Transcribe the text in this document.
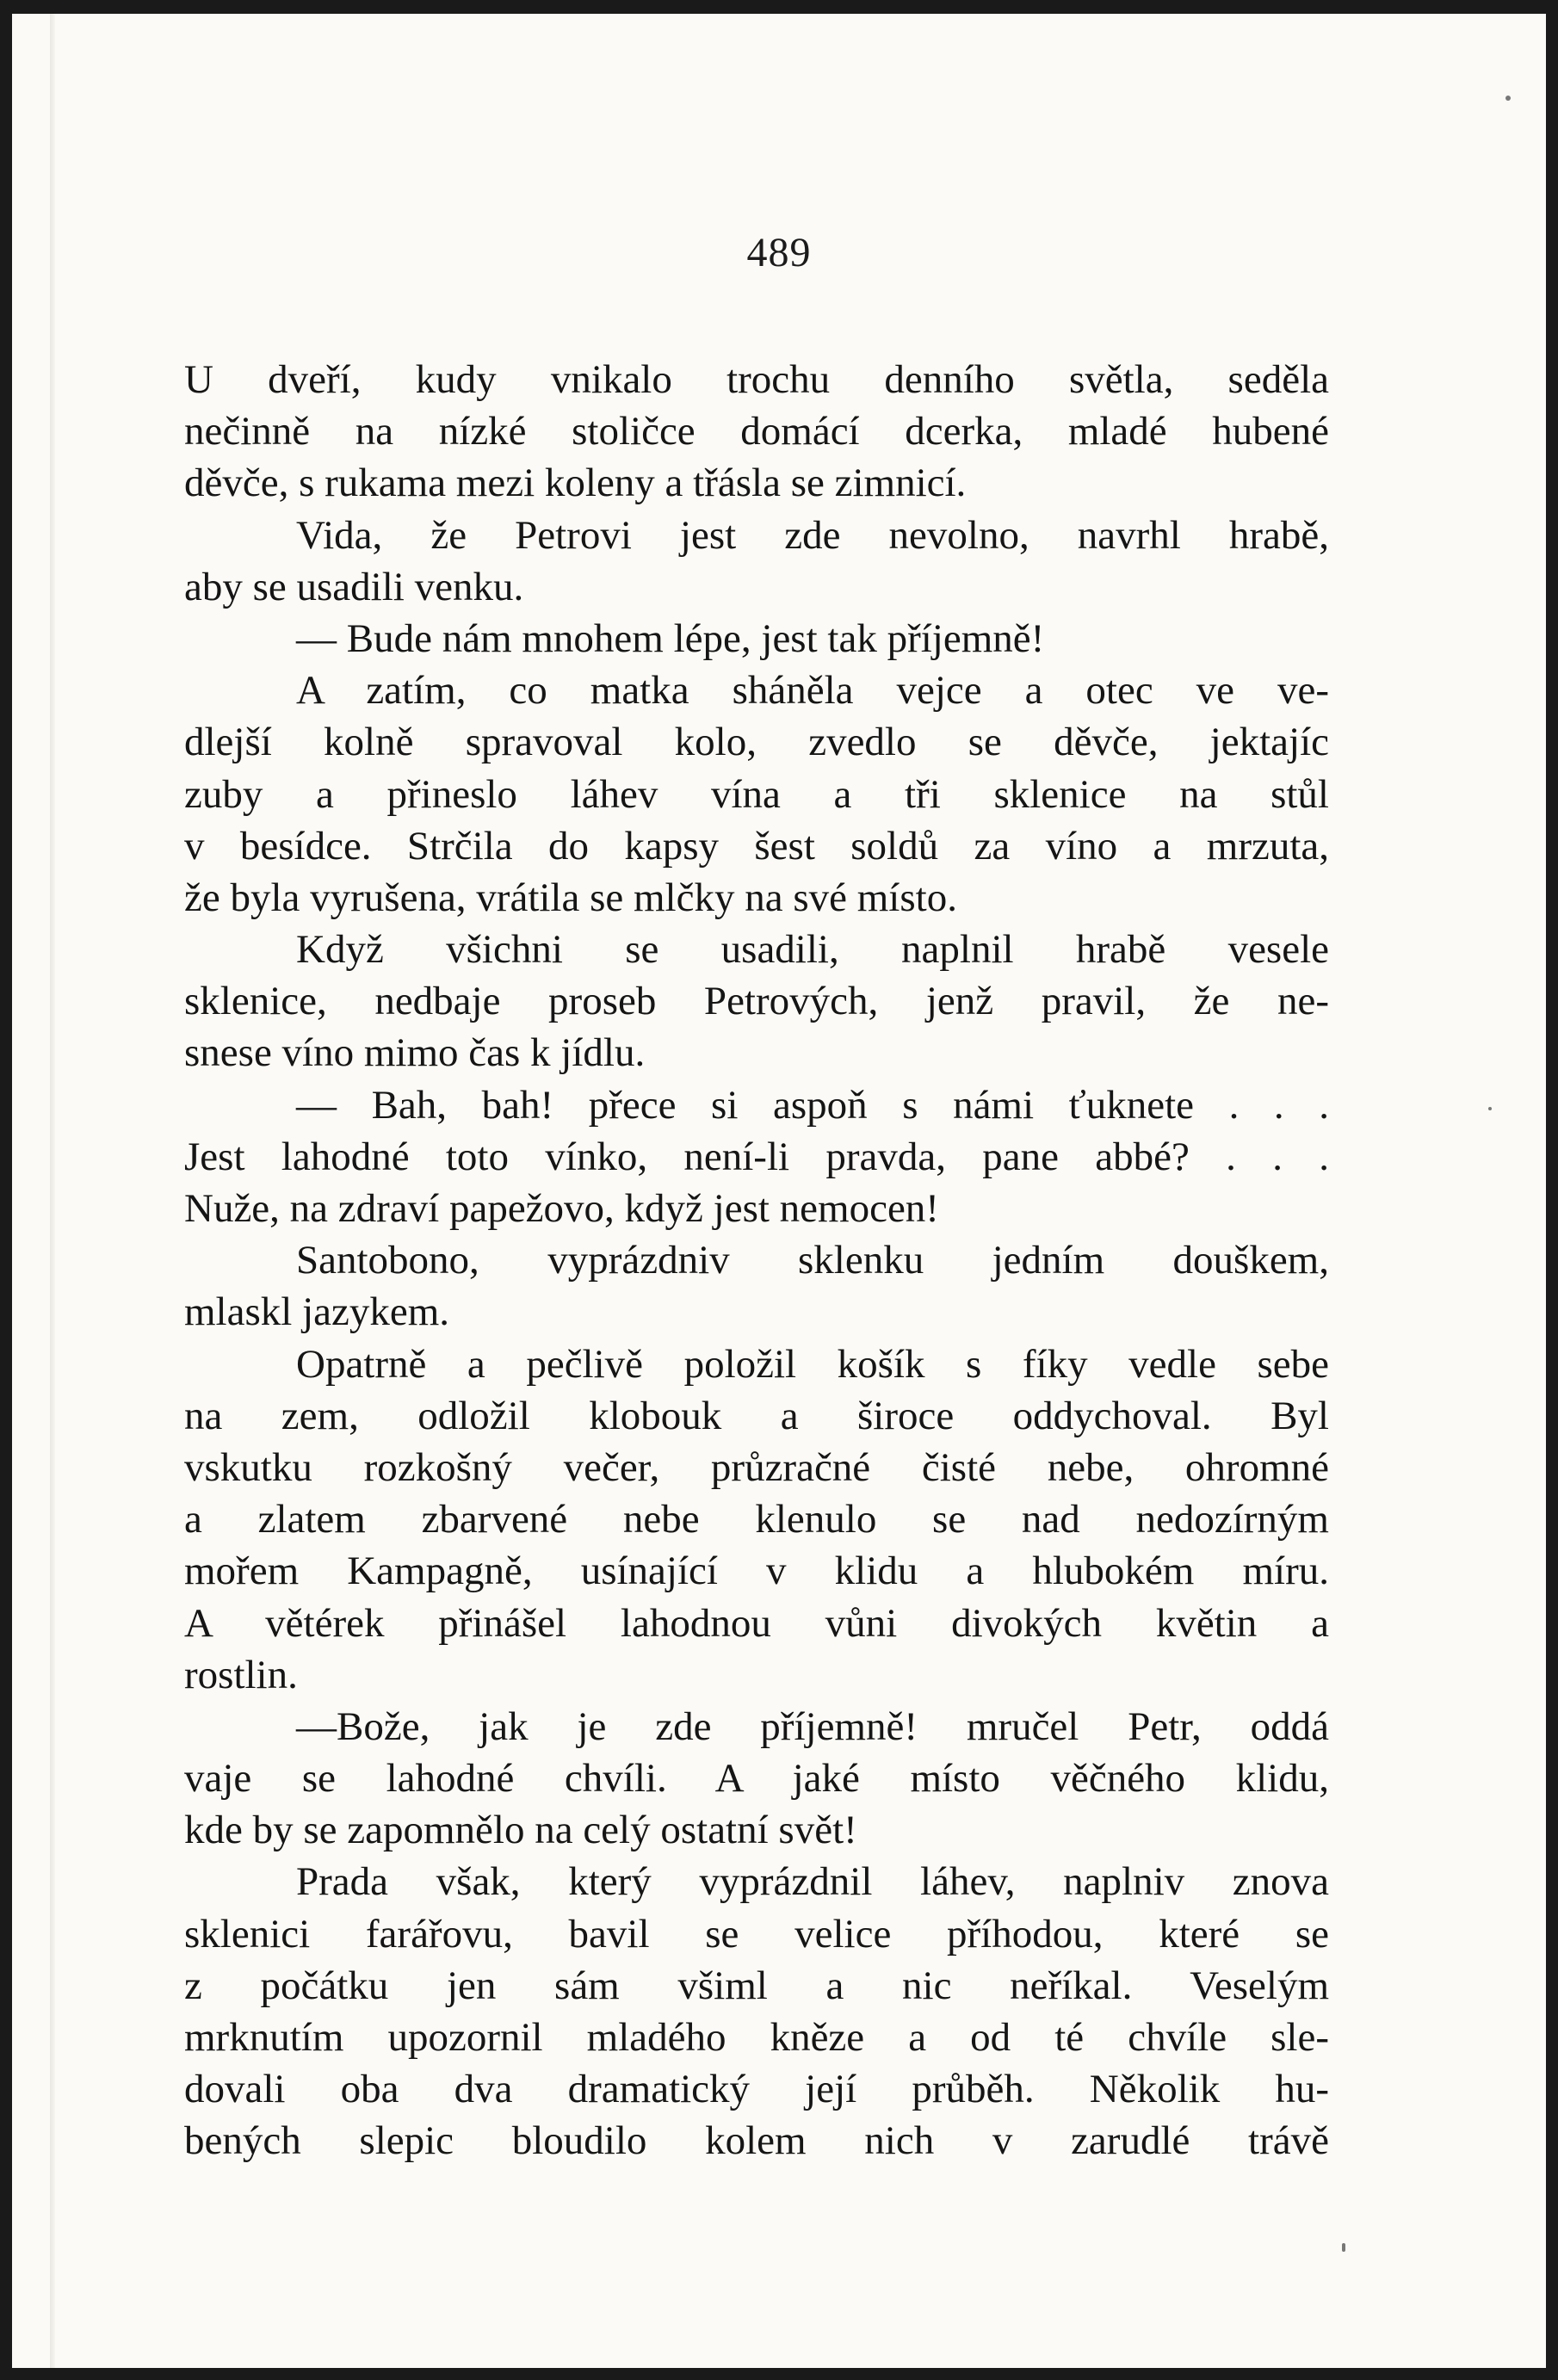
489
U dveří, kudy vnikalo trochu denního světla, seděla
nečinně na nízké stoličce domácí dcerka, mladé hubené
děvče, s rukama mezi koleny a třásla se zimnicí.
Vida, že Petrovi jest zde nevolno, navrhl hrabě,
aby se usadili venku.
— Bude nám mnohem lépe, jest tak příjemně!
A zatím, co matka sháněla vejce a otec ve ve-
dlejší kolně spravoval kolo, zvedlo se děvče, jektajíc
zuby a přineslo láhev vína a tři sklenice na stůl
v besídce. Strčila do kapsy šest soldů za víno a mrzuta,
že byla vyrušena, vrátila se mlčky na své místo.
Když všichni se usadili, naplnil hrabě vesele
sklenice, nedbaje proseb Petrových, jenž pravil, že ne-
snese víno mimo čas k jídlu.
— Bah, bah! přece si aspoň s námi ťuknete . . .
Jest lahodné toto vínko, není-li pravda, pane abbé? . . .
Nuže, na zdraví papežovo, když jest nemocen!
Santobono, vyprázdniv sklenku jedním douškem,
mlaskl jazykem.
Opatrně a pečlivě položil košík s fíky vedle sebe
na zem, odložil klobouk a široce oddychoval. Byl
vskutku rozkošný večer, průzračné čisté nebe, ohromné
a zlatem zbarvené nebe klenulo se nad nedozírným
mořem Kampagně, usínající v klidu a hlubokém míru.
A větérek přinášel lahodnou vůni divokých květin a
rostlin.
—Bože, jak je zde příjemně! mručel Petr, oddá
vaje se lahodné chvíli. A jaké místo věčného klidu,
kde by se zapomnělo na celý ostatní svět!
Prada však, který vyprázdnil láhev, naplniv znova
sklenici farářovu, bavil se velice příhodou, které se
z počátku jen sám všiml a nic neříkal. Veselým
mrknutím upozornil mladého kněze a od té chvíle sle-
dovali oba dva dramatický její průběh. Několik hu-
bených slepic bloudilo kolem nich v zarudlé trávě
